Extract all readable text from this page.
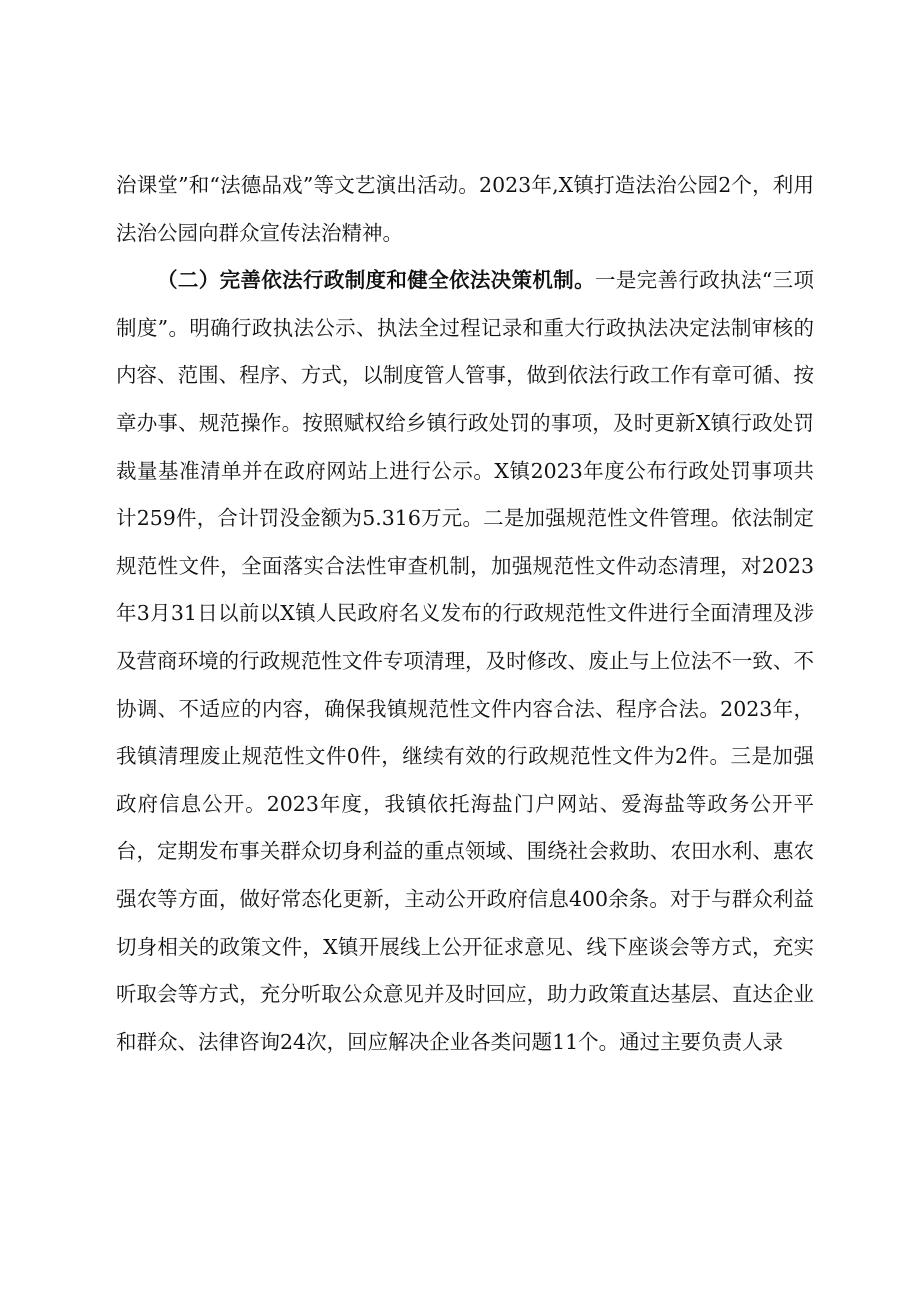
治课堂”和“法德品戏”等文艺演出活动。2023年,X镇打造法治公园2个，利用法治公园向群众宣传法治精神。

（二）完善依法行政制度和健全依法决策机制。一是完善行政执法“三项制度”。明确行政执法公示、执法全过程记录和重大行政执法决定法制审核的内容、范围、程序、方式，以制度管人管事，做到依法行政工作有章可循、按章办事、规范操作。按照赋权给乡镇行政处罚的事项，及时更新X镇行政处罚裁量基准清单并在政府网站上进行公示。X镇2023年度公布行政处罚事项共计259件，合计罚没金额为5.316万元。二是加强规范性文件管理。依法制定规范性文件，全面落实合法性审查机制，加强规范性文件动态清理，对2023年3月31日以前以X镇人民政府名义发布的行政规范性文件进行全面清理及涉及营商环境的行政规范性文件专项清理，及时修改、废止与上位法不一致、不协调、不适应的内容，确保我镇规范性文件内容合法、程序合法。2023年，我镇清理废止规范性文件0件，继续有效的行政规范性文件为2件。三是加强政府信息公开。2023年度，我镇依托海盐门户网站、爱海盐等政务公开平台，定期发布事关群众切身利益的重点领域、围绕社会救助、农田水利、惠农强农等方面，做好常态化更新，主动公开政府信息400余条。对于与群众利益切身相关的政策文件，X镇开展线上公开征求意见、线下座谈会等方式，充实听取会等方式，充分听取公众意见并及时回应，助力政策直达基层、直达企业和群众、法律咨询24次，回应解决企业各类问题11个。通过主要负责人录
